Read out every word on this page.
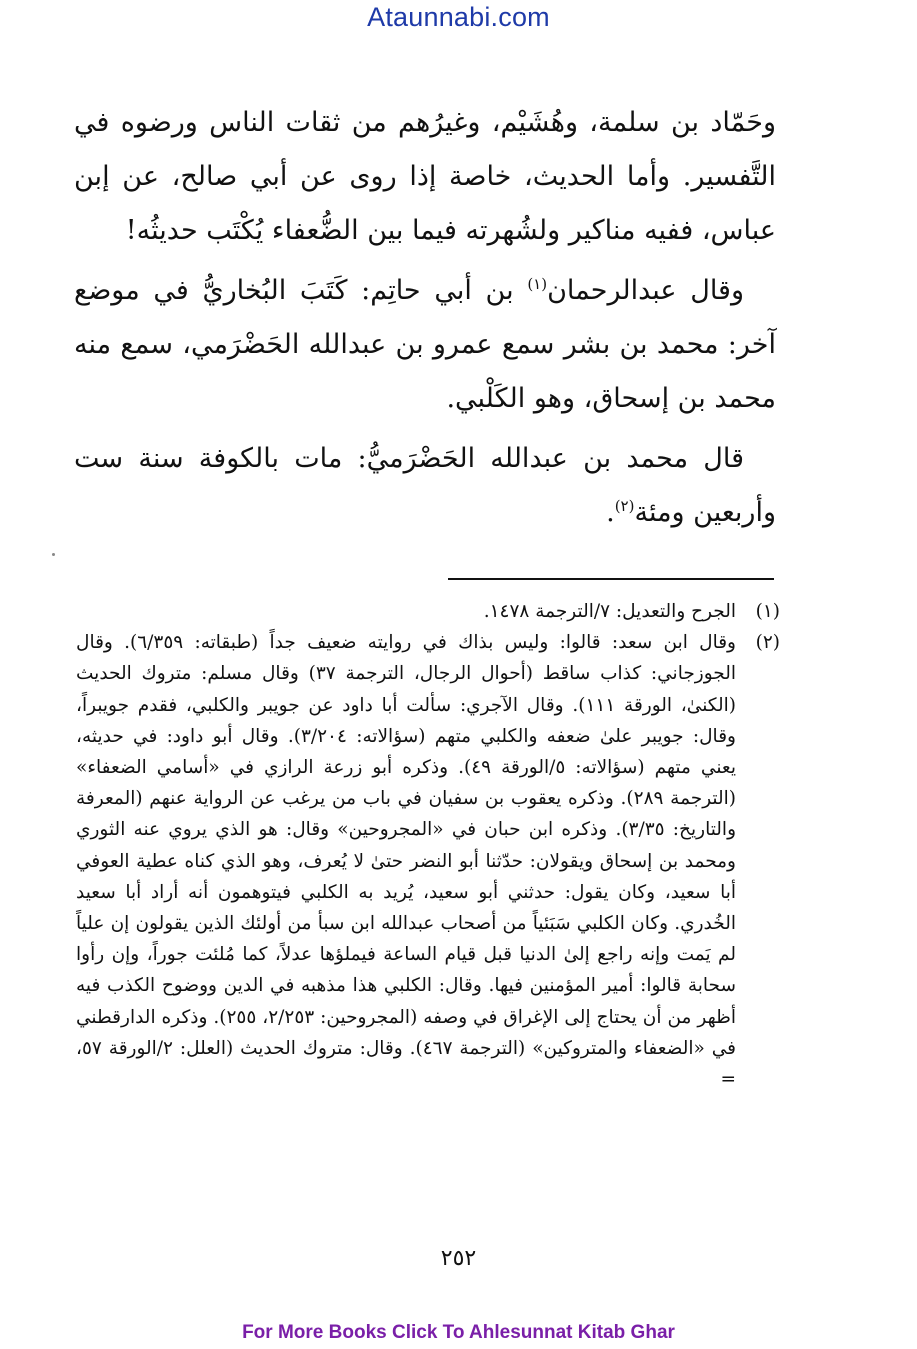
Ataunnabi.com

وحَمّاد بن سلمة، وهُشَيْم، وغيرُهم من ثقات الناس ورضوه في التَّفسير. وأما الحديث، خاصة إذا روى عن أبي صالح، عن إبن عباس، ففيه مناكير ولشُهرته فيما بين الضُّعفاء يُكْتَب حديثُه!

وقال عبدالرحمان$^{(١)}$ بن أبي حاتِم: كَتَبَ البُخاريُّ في موضع آخر: محمد بن بشر سمع عمرو بن عبدالله الحَضْرَمي، سمع منه محمد بن إسحاق، وهو الكَلْبي.

قال محمد بن عبدالله الحَضْرَميُّ: مات بالكوفة سنة ست وأربعين ومئة$^{(٢)}$.

(١)
الجرح والتعديل: ٧/الترجمة ١٤٧٨.
(٢)
وقال ابن سعد: قالوا: وليس بذاك في روايته ضعيف جداً (طبقاته: ٦/٣٥٩). وقال الجوزجاني: كذاب ساقط (أحوال الرجال، الترجمة ٣٧) وقال مسلم: متروك الحديث (الكنىٰ، الورقة ١١١). وقال الآجري: سألت أبا داود عن جويبر والكلبي، فقدم جويبراً، وقال: جويبر علىٰ ضعفه والكلبي متهم (سؤالاته: ٣/٢٠٤). وقال أبو داود: في حديثه، يعني متهم (سؤالاته: ٥/الورقة ٤٩). وذكره أبو زرعة الرازي في «أسامي الضعفاء» (الترجمة ٢٨٩). وذكره يعقوب بن سفيان في باب من يرغب عن الرواية عنهم (المعرفة والتاريخ: ٣/٣٥). وذكره ابن حبان في «المجروحين» وقال: هو الذي يروي عنه الثوري ومحمد بن إسحاق ويقولان: حدّثنا أبو النضر حتىٰ لا يُعرف، وهو الذي كناه عطية العوفي أبا سعيد، وكان يقول: حدثني أبو سعيد، يُريد به الكلبي فيتوهمون أنه أراد أبا سعيد الخُدري. وكان الكلبي سَبَئياً من أصحاب عبدالله ابن سبأ من أولئك الذين يقولون إن علياً لم يَمت وإنه راجع إلىٰ الدنيا قبل قيام الساعة فيملؤها عدلاً، كما مُلئت جوراً، وإن رأوا سحابة قالوا: أمير المؤمنين فيها. وقال: الكلبي هذا مذهبه في الدين ووضوح الكذب فيه أظهر من أن يحتاج إلى الإغراق في وصفه (المجروحين: ٢/٢٥٣، ٢٥٥). وذكره الدارقطني في «الضعفاء والمتروكين» (الترجمة ٤٦٧). وقال: متروك الحديث (العلل: ٢/الورقة ٥٧، =
٢٥٢
For More Books Click To Ahlesunnat Kitab Ghar
